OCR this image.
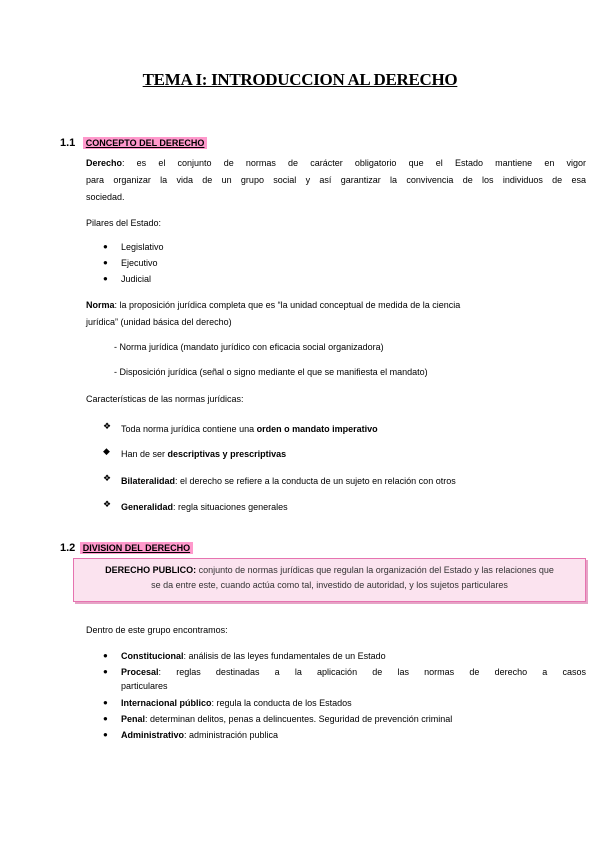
TEMA I: INTRODUCCION AL DERECHO
1.1 CONCEPTO DEL DERECHO
Derecho: es el conjunto de normas de carácter obligatorio que el Estado mantiene en vigor
para organizar la vida de un grupo social y así garantizar la convivencia de los individuos de esa
sociedad.
Pilares del Estado:
● Legislativo
● Ejecutivo
● Judicial
Norma: la proposición jurídica completa que es “la unidad conceptual de medida de la ciencia
jurídica” (unidad básica del derecho)
- Norma jurídica (mandato jurídico con eficacia social organizadora)
- Disposición jurídica (señal o signo mediante el que se manifiesta el mandato)
Características de las normas jurídicas:
❖ Toda norma jurídica contiene una orden o mandato imperativo
◆ Han de ser descriptivas y prescriptivas
❖ Bilateralidad: el derecho se refiere a la conducta de un sujeto en relación con otros
❖ Generalidad: regla situaciones generales
1.2 DIVISION DEL DERECHO

DERECHO PUBLICO: conjunto de normas jurídicas que regulan la organización del Estado y las relaciones que
se da entre este, cuando actúa como tal, investido de autoridad, y los sujetos particulares

Dentro de este grupo encontramos:
● Constitucional: análisis de las leyes fundamentales de un Estado
● Procesal: reglas destinadas a la aplicación de las normas de derecho a casos
particulares
● Internacional público: regula la conducta de los Estados
● Penal: determinan delitos, penas a delincuentes. Seguridad de prevención criminal
● Administrativo: administración publica
